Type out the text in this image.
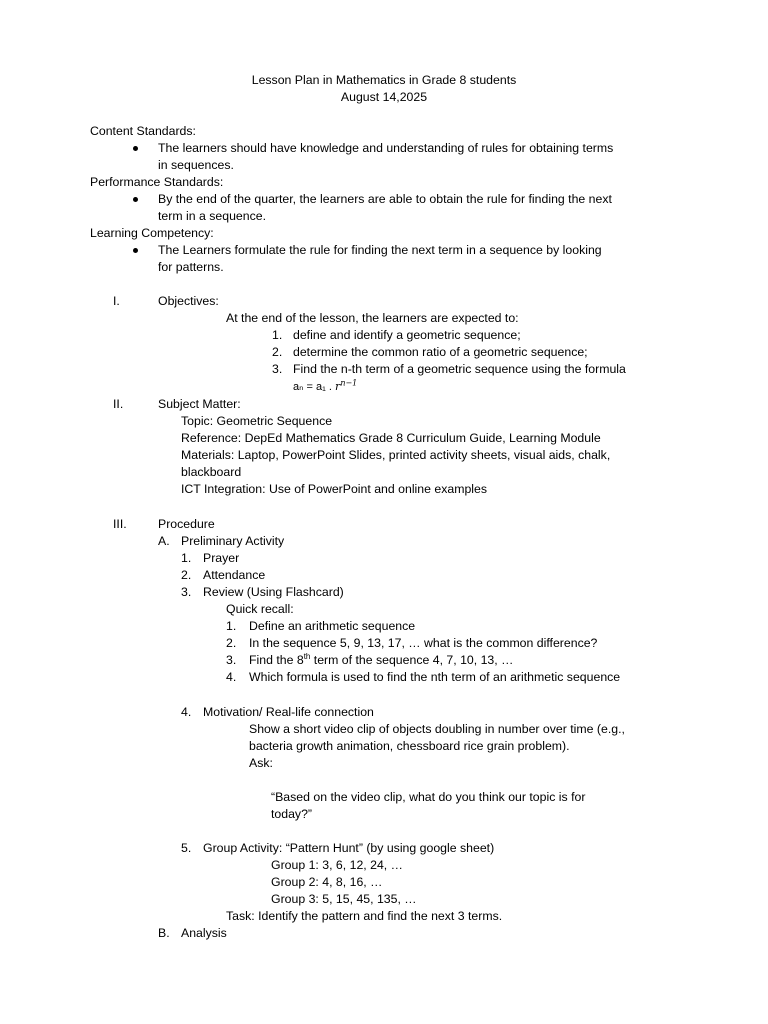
Lesson Plan in Mathematics in Grade 8 students
August 14,2025
Content Standards:
The learners should have knowledge and understanding of rules for obtaining terms
in sequences.
Performance Standards:
By the end of the quarter, the learners are able to obtain the rule for finding the next
term in a sequence.
Learning Competency:
The Learners formulate the rule for finding the next term in a sequence by looking
for patterns.
I.	Objectives:
At the end of the lesson, the learners are expected to:
1. define and identify a geometric sequence;
2. determine the common ratio of a geometric sequence;
3. Find the n-th term of a geometric sequence using the formula
aₙ = a₁ . $r^{n-1}$
II.	Subject Matter:
Topic: Geometric Sequence
Reference: DepEd Mathematics Grade 8 Curriculum Guide, Learning Module
Materials: Laptop, PowerPoint Slides, printed activity sheets, visual aids, chalk,
blackboard
ICT Integration: Use of PowerPoint and online examples
III.	Procedure
A. Preliminary Activity
1. Prayer
2. Attendance
3. Review (Using Flashcard)
Quick recall:
1. Define an arithmetic sequence
2. In the sequence 5, 9, 13, 17, … what is the common difference?
3. Find the 8th term of the sequence 4, 7, 10, 13, …
4. Which formula is used to find the nth term of an arithmetic sequence
4. Motivation/ Real-life connection
Show a short video clip of objects doubling in number over time (e.g.,
bacteria growth animation, chessboard rice grain problem).
Ask:
“Based on the video clip, what do you think our topic is for
today?”
5. Group Activity: “Pattern Hunt” (by using google sheet)
Group 1: 3, 6, 12, 24, …
Group 2: 4, 8, 16, …
Group 3: 5, 15, 45, 135, …
Task: Identify the pattern and find the next 3 terms.
B. Analysis
